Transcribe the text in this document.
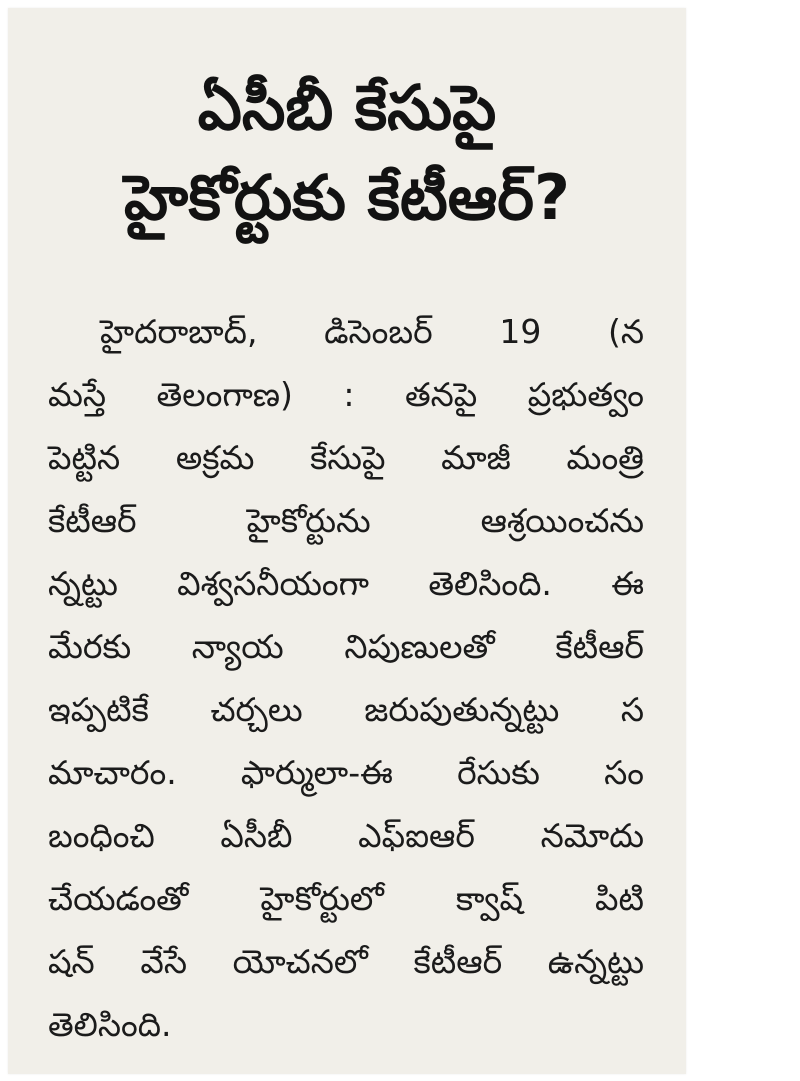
ఏసీబీ కేసుపై
హైకోర్టుకు కేటీఆర్?
హైదరాబాద్, డిసెంబర్ 19 (న
మస్తే తెలంగాణ) : తనపై ప్రభుత్వం
పెట్టిన అక్రమ కేసుపై మాజీ మంత్రి
కేటీఆర్ హైకోర్టును ఆశ్రయించను
న్నట్టు విశ్వసనీయంగా తెలిసింది. ఈ
మేరకు న్యాయ నిపుణులతో కేటీఆర్
ఇప్పటికే చర్చలు జరుపుతున్నట్టు స
మాచారం. ఫార్ములా-ఈ రేసుకు సం
బంధించి ఏసీబీ ఎఫ్ఐఆర్ నమోదు
చేయడంతో హైకోర్టులో క్వాష్ పిటి
షన్ వేసే యోచనలో కేటీఆర్ ఉన్నట్టు
తెలిసింది.
